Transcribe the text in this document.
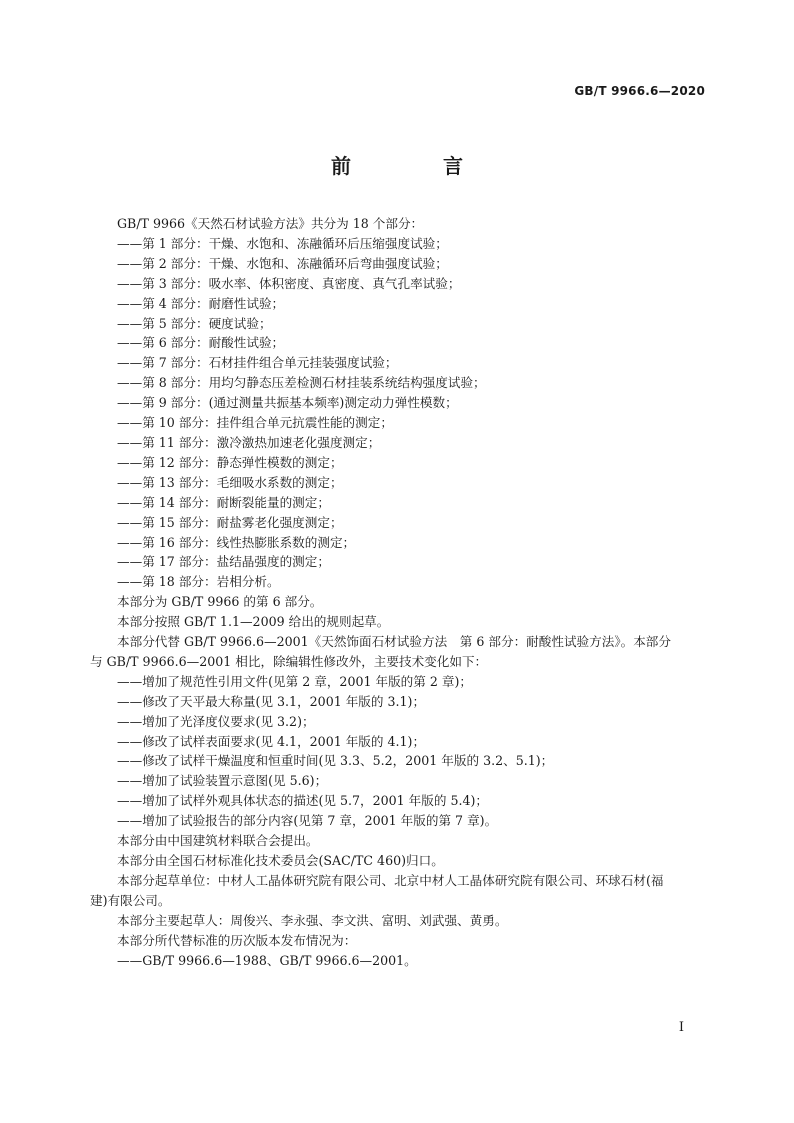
GB/T 9966.6—2020
前　言

GB/T 9966《天然石材试验方法》共分为 18 个部分：

——第 1 部分：干燥、水饱和、冻融循环后压缩强度试验；

——第 2 部分：干燥、水饱和、冻融循环后弯曲强度试验；

——第 3 部分：吸水率、体积密度、真密度、真气孔率试验；

——第 4 部分：耐磨性试验；

——第 5 部分：硬度试验；

——第 6 部分：耐酸性试验；

——第 7 部分：石材挂件组合单元挂装强度试验；

——第 8 部分：用均匀静态压差检测石材挂装系统结构强度试验；

——第 9 部分：(通过测量共振基本频率)测定动力弹性模数；

——第 10 部分：挂件组合单元抗震性能的测定；

——第 11 部分：激冷激热加速老化强度测定；

——第 12 部分：静态弹性模数的测定；

——第 13 部分：毛细吸水系数的测定；

——第 14 部分：耐断裂能量的测定；

——第 15 部分：耐盐雾老化强度测定；

——第 16 部分：线性热膨胀系数的测定；

——第 17 部分：盐结晶强度的测定；

——第 18 部分：岩相分析。

本部分为 GB/T 9966 的第 6 部分。

本部分按照 GB/T 1.1—2009 给出的规则起草。

本部分代替 GB/T 9966.6—2001《天然饰面石材试验方法　第 6 部分：耐酸性试验方法》。本部分

与 GB/T 9966.6—2001 相比，除编辑性修改外，主要技术变化如下：

——增加了规范性引用文件(见第 2 章，2001 年版的第 2 章)；

——修改了天平最大称量(见 3.1，2001 年版的 3.1)；

——增加了光泽度仪要求(见 3.2)；

——修改了试样表面要求(见 4.1，2001 年版的 4.1)；

——修改了试样干燥温度和恒重时间(见 3.3、5.2，2001 年版的 3.2、5.1)；

——增加了试验装置示意图(见 5.6)；

——增加了试样外观具体状态的描述(见 5.7，2001 年版的 5.4)；

——增加了试验报告的部分内容(见第 7 章，2001 年版的第 7 章)。

本部分由中国建筑材料联合会提出。

本部分由全国石材标准化技术委员会(SAC/TC 460)归口。

本部分起草单位：中材人工晶体研究院有限公司、北京中材人工晶体研究院有限公司、环球石材(福

建)有限公司。

本部分主要起草人：周俊兴、李永强、李文洪、富明、刘武强、黄勇。

本部分所代替标准的历次版本发布情况为：

——GB/T 9966.6—1988、GB/T 9966.6—2001。

I
